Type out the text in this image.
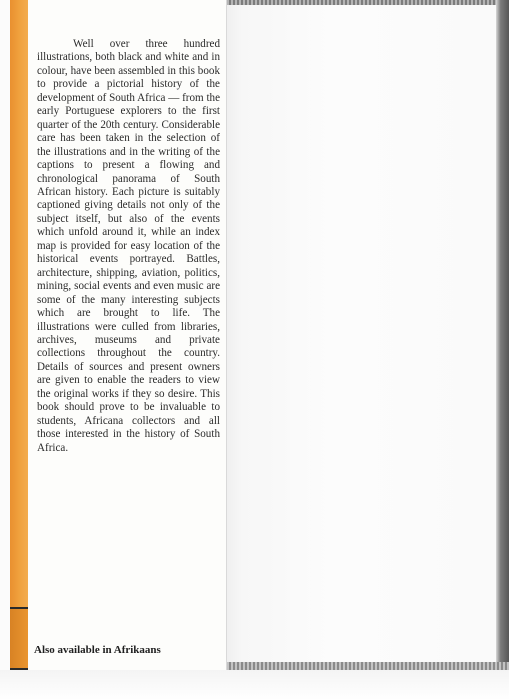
Well over three hundred illustrations, both black and white and in colour, have been assembled in this book to provide a pictorial history of the development of South Africa — from the early Portuguese explorers to the first quarter of the 20th century. Considerable care has been taken in the selection of the illustrations and in the writing of the captions to present a flowing and chronological panorama of South African history. Each picture is suitably captioned giving details not only of the subject itself, but also of the events which unfold around it, while an index map is provided for easy location of the historical events portrayed. Battles, architecture, shipping, aviation, politics, mining, social events and even music are some of the many interesting subjects which are brought to life. The illustrations were culled from libraries, archives, museums and private collections throughout the country. Details of sources and present owners are given to enable the readers to view the original works if they so desire. This book should prove to be invaluable to students, Africana collectors and all those interested in the history of South Africa.

Also available in Afrikaans
